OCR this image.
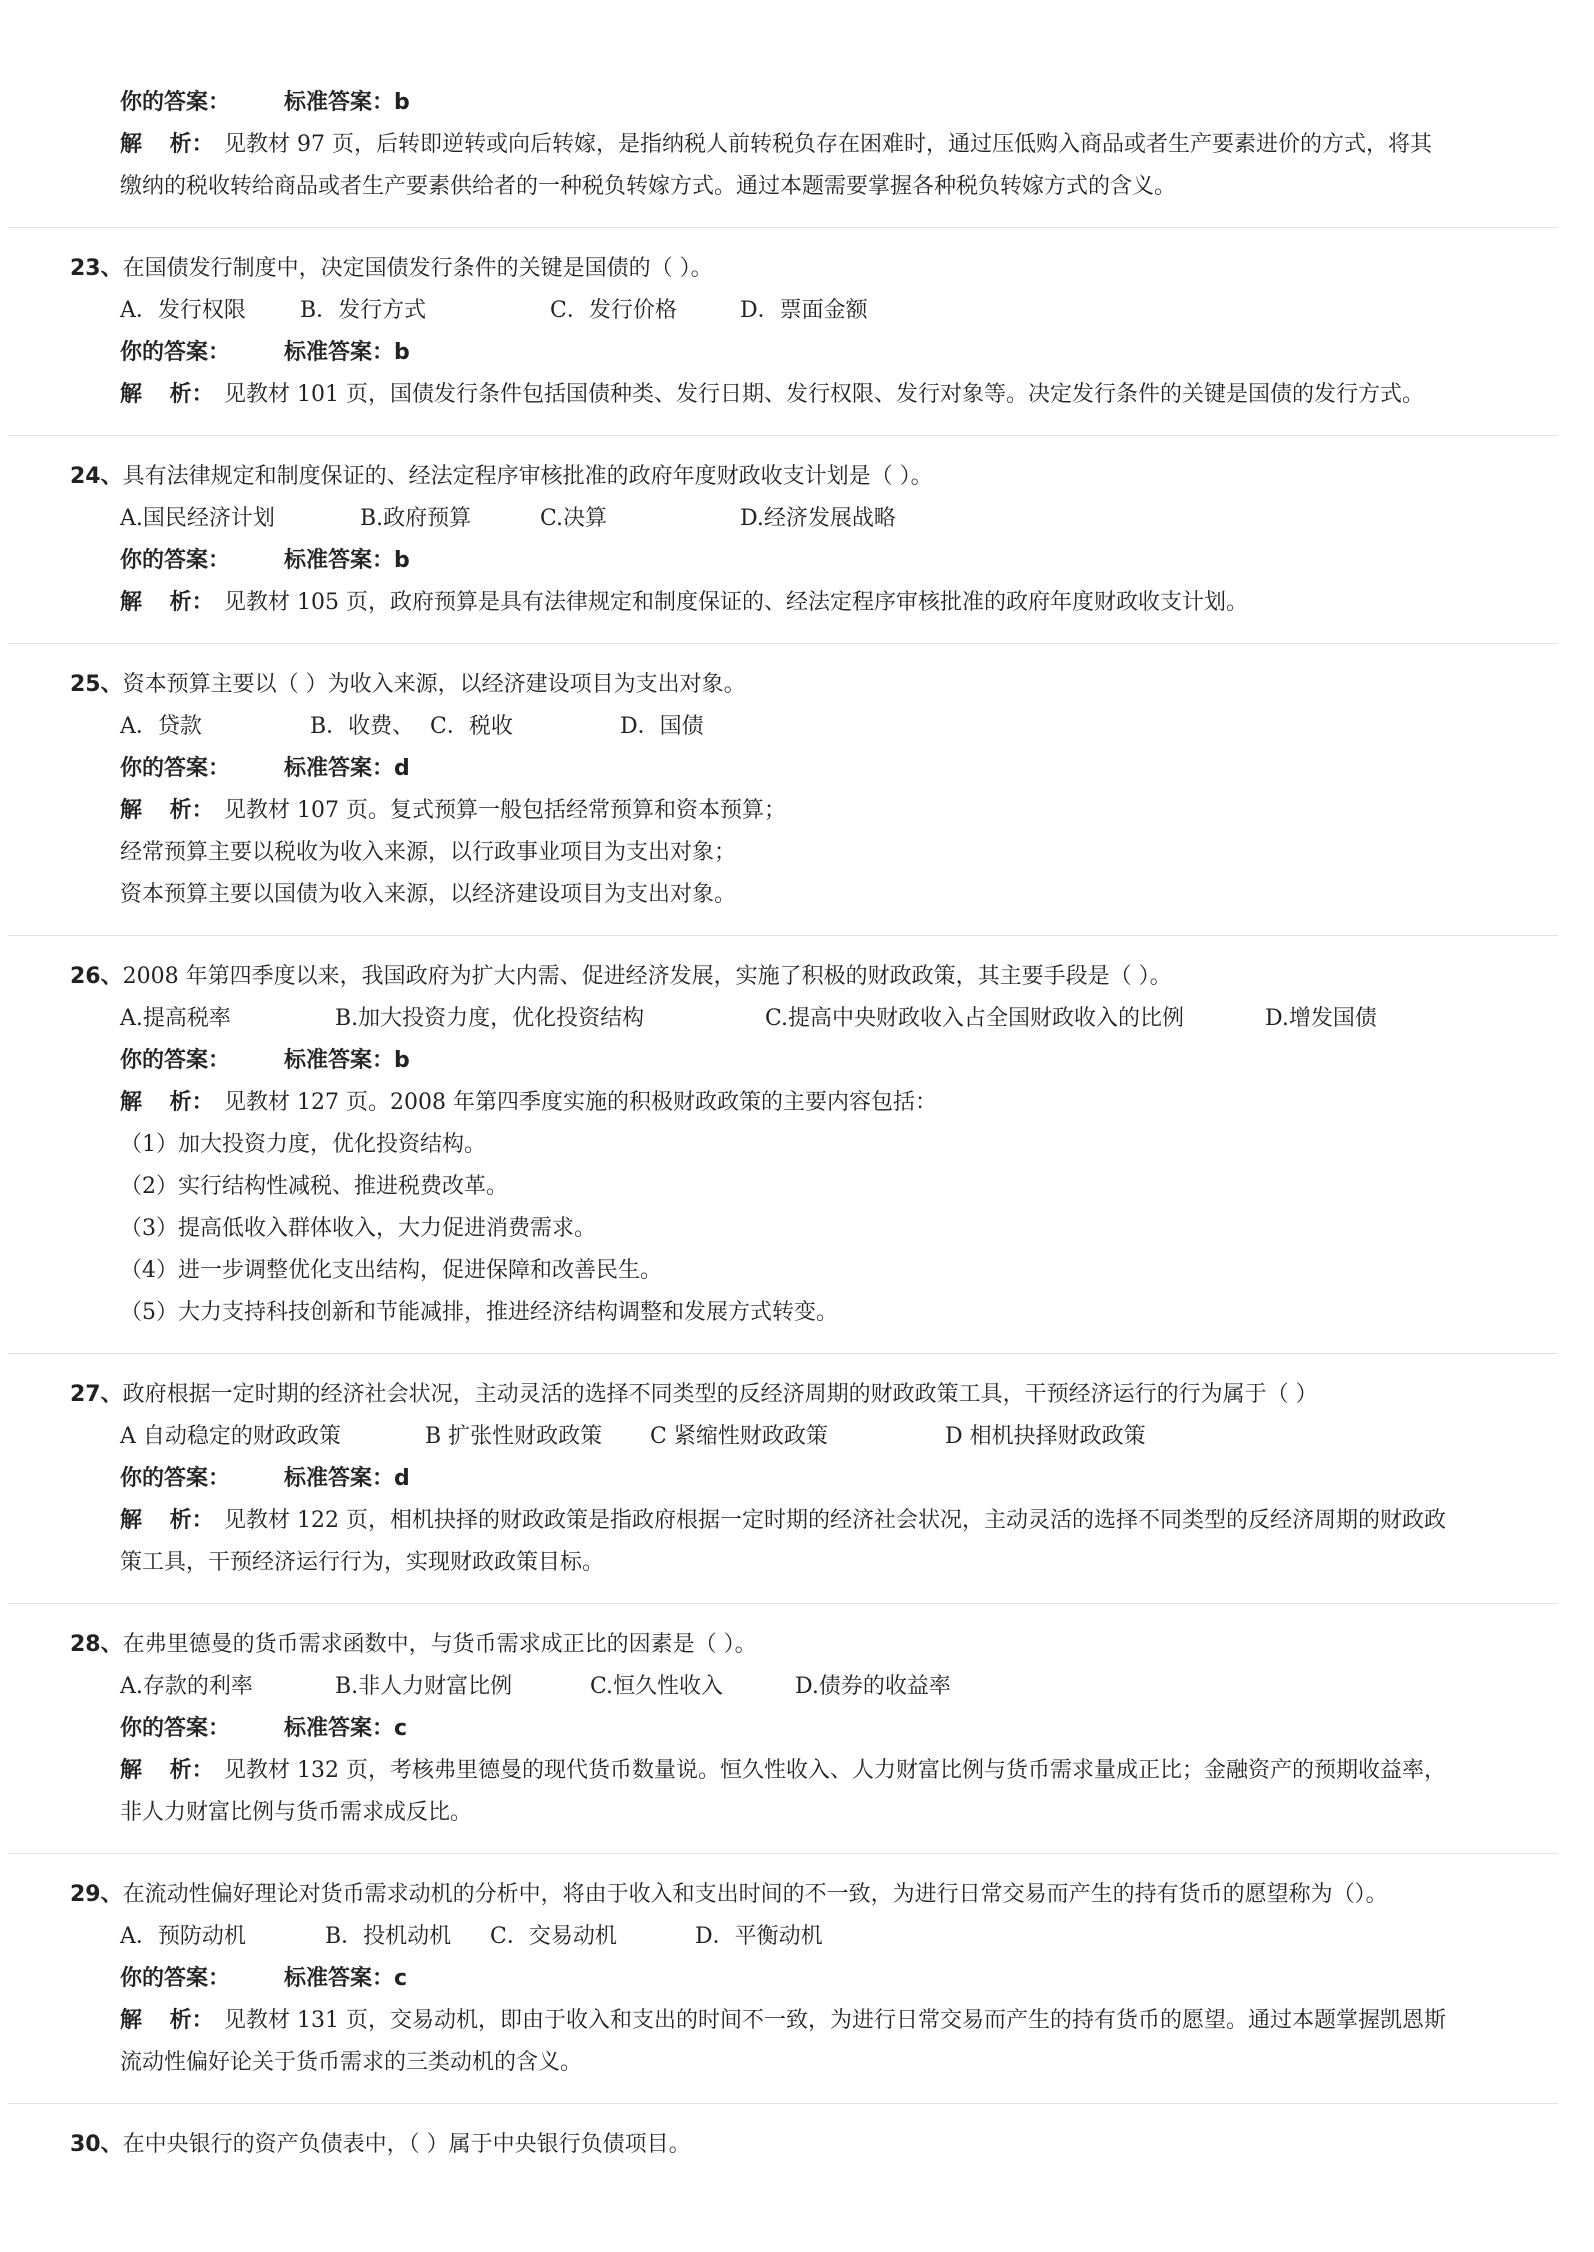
你的答案： 标准答案：b
解 析： 见教材 97 页，后转即逆转或向后转嫁，是指纳税人前转税负存在困难时，通过压低购入商品或者生产要素进价的方式，将其
缴纳的税收转给商品或者生产要素供给者的一种税负转嫁方式。通过本题需要掌握各种税负转嫁方式的含义。
23、在国债发行制度中，决定国债发行条件的关键是国债的（ ）。
A．发行权限 B．发行方式	C．发行价格	D．票面金额
你的答案： 标准答案：b
解 析： 见教材 101 页，国债发行条件包括国债种类、发行日期、发行权限、发行对象等。决定发行条件的关键是国债的发行方式。
24、具有法律规定和制度保证的、经法定程序审核批准的政府年度财政收支计划是（ ）。
A.国民经济计划	B.政府预算	C.决算	D.经济发展战略
你的答案： 标准答案：b
解 析： 见教材 105 页，政府预算是具有法律规定和制度保证的、经法定程序审核批准的政府年度财政收支计划。
25、资本预算主要以（ ）为收入来源，以经济建设项目为支出对象。
A．贷款	B．收费、 C．税收	D．国债
你的答案： 标准答案：d
解 析： 见教材 107 页。复式预算一般包括经常预算和资本预算；
经常预算主要以税收为收入来源，以行政事业项目为支出对象；
资本预算主要以国债为收入来源，以经济建设项目为支出对象。
26、2008 年第四季度以来，我国政府为扩大内需、促进经济发展，实施了积极的财政政策，其主要手段是（ ）。
A.提高税率	B.加大投资力度，优化投资结构	C.提高中央财政收入占全国财政收入的比例	D.增发国债
你的答案： 标准答案：b
解 析： 见教材 127 页。2008 年第四季度实施的积极财政政策的主要内容包括：
（1）加大投资力度，优化投资结构。
（2）实行结构性减税、推进税费改革。
（3）提高低收入群体收入，大力促进消费需求。
（4）进一步调整优化支出结构，促进保障和改善民生。
（5）大力支持科技创新和节能减排，推进经济结构调整和发展方式转变。
27、政府根据一定时期的经济社会状况，主动灵活的选择不同类型的反经济周期的财政政策工具，干预经济运行的行为属于（ ）
A 自动稳定的财政政策	B 扩张性财政政策 C 紧缩性财政政策	D 相机抉择财政政策
你的答案： 标准答案：d
解 析： 见教材 122 页，相机抉择的财政政策是指政府根据一定时期的经济社会状况，主动灵活的选择不同类型的反经济周期的财政政
策工具，干预经济运行行为，实现财政政策目标。
28、在弗里德曼的货币需求函数中，与货币需求成正比的因素是（ ）。
A.存款的利率	B.非人力财富比例	C.恒久性收入	D.债券的收益率
你的答案： 标准答案：c
解 析： 见教材 132 页，考核弗里德曼的现代货币数量说。恒久性收入、人力财富比例与货币需求量成正比；金融资产的预期收益率，
非人力财富比例与货币需求成反比。
29、在流动性偏好理论对货币需求动机的分析中，将由于收入和支出时间的不一致，为进行日常交易而产生的持有货币的愿望称为（）。
A．预防动机	B．投机动机 C．交易动机	D．平衡动机
你的答案： 标准答案：c
解 析： 见教材 131 页，交易动机，即由于收入和支出的时间不一致，为进行日常交易而产生的持有货币的愿望。通过本题掌握凯恩斯
流动性偏好论关于货币需求的三类动机的含义。
30、在中央银行的资产负债表中，（ ）属于中央银行负债项目。
